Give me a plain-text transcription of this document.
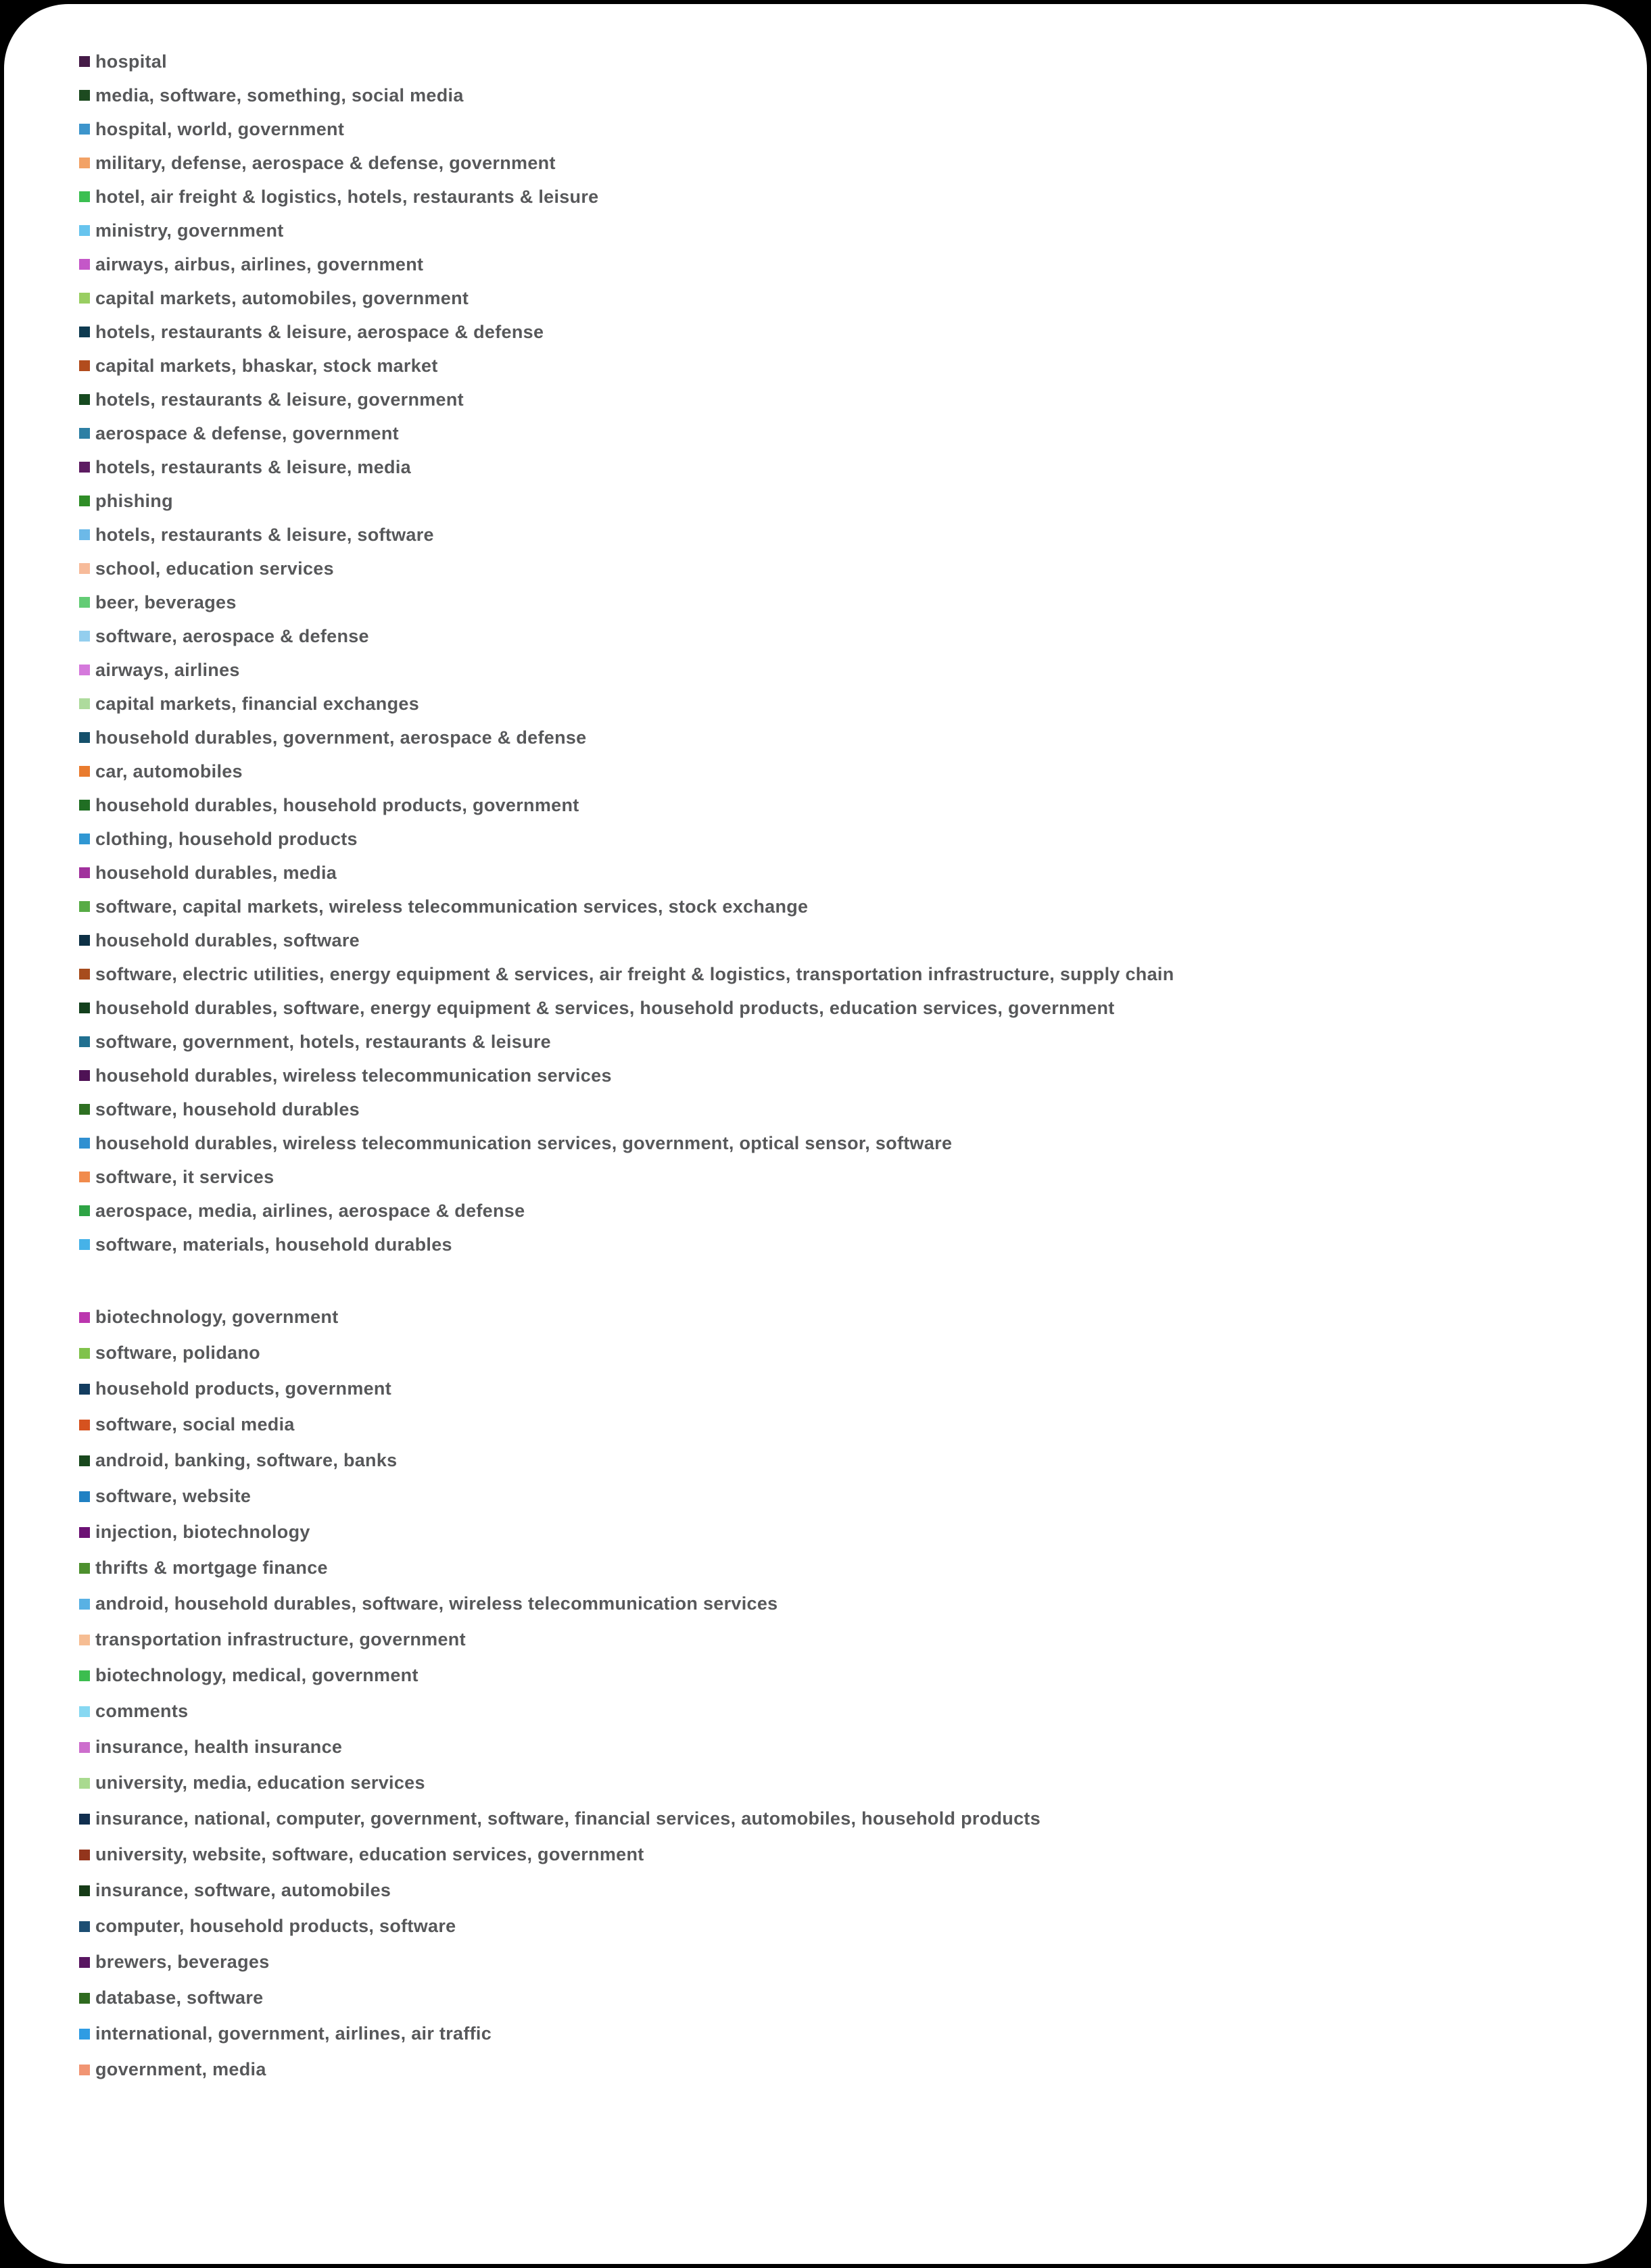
hospital
media, software, something, social media
hospital, world, government
military, defense, aerospace & defense, government
hotel, air freight & logistics, hotels, restaurants & leisure
ministry, government
airways, airbus, airlines, government
capital markets, automobiles, government
hotels, restaurants & leisure, aerospace & defense
capital markets, bhaskar, stock market
hotels, restaurants & leisure, government
aerospace & defense, government
hotels, restaurants & leisure, media
phishing
hotels, restaurants & leisure, software
school, education services
beer, beverages
software, aerospace & defense
airways, airlines
capital markets, financial exchanges
household durables, government, aerospace & defense
car, automobiles
household durables, household products, government
clothing, household products
household durables, media
software, capital markets, wireless telecommunication services, stock exchange
household durables, software
software, electric utilities, energy equipment & services, air freight & logistics, transportation infrastructure, supply chain
household durables, software, energy equipment & services, household products, education services, government
software, government, hotels, restaurants & leisure
household durables, wireless telecommunication services
software, household durables
household durables, wireless telecommunication services, government, optical sensor, software
software, it services
aerospace, media, airlines, aerospace & defense
software, materials, household durables
biotechnology, government
software, polidano
household products, government
software, social media
android, banking, software, banks
software, website
injection, biotechnology
thrifts & mortgage finance
android, household durables, software, wireless telecommunication services
transportation infrastructure, government
biotechnology, medical, government
comments
insurance, health insurance
university, media, education services
insurance, national, computer, government, software, financial services, automobiles, household products
university, website, software, education services, government
insurance, software, automobiles
computer, household products, software
brewers, beverages
database, software
international, government, airlines, air traffic
government, media
